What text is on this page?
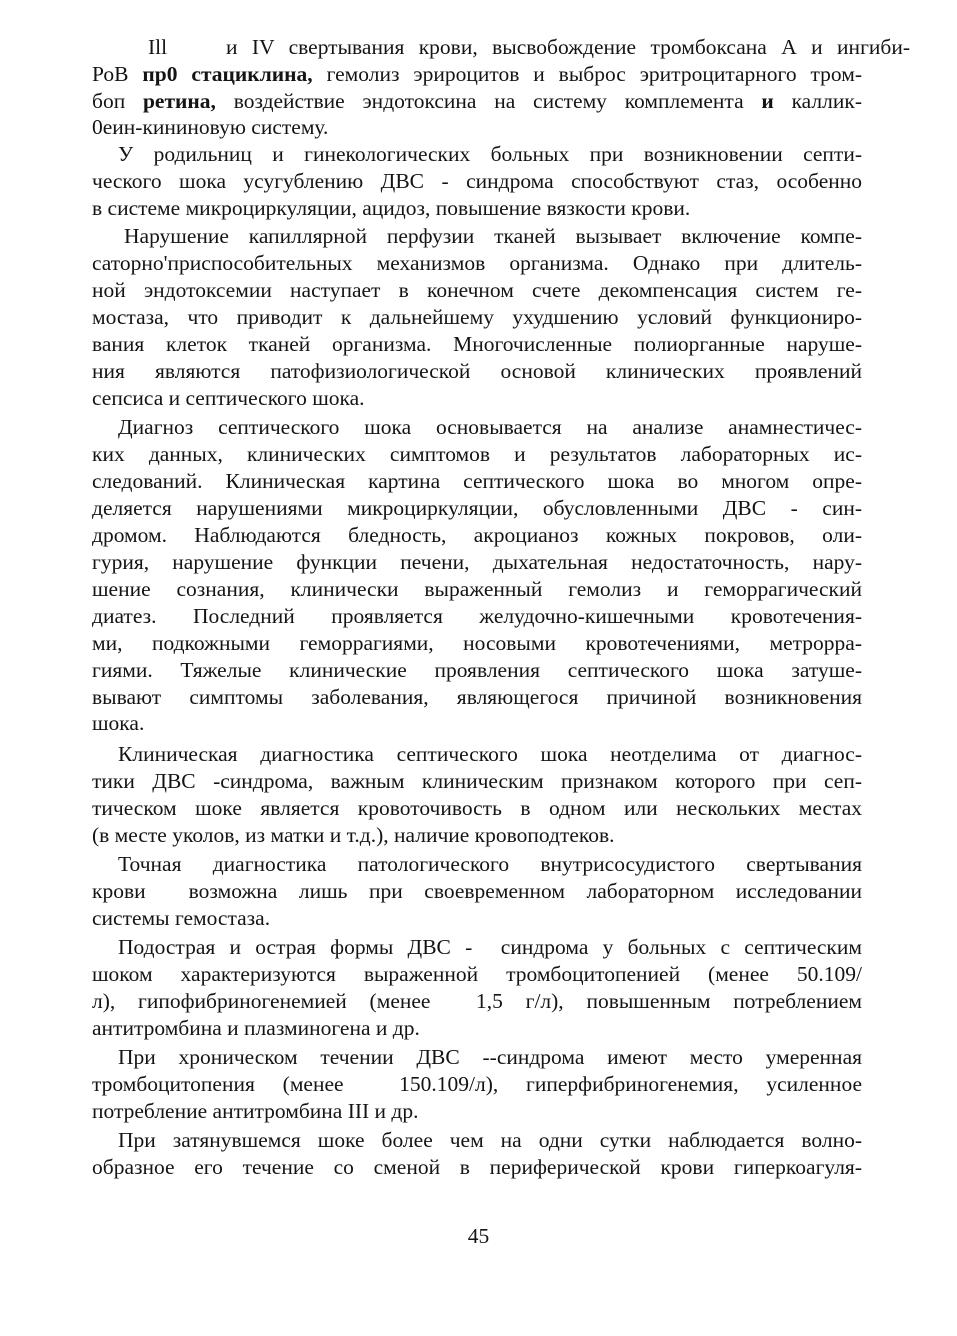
Ill	и IV свертывания крови, высвобождение тромбоксана А и ингиби-
РоВ пр0 стациклина, гемолиз эрироцитов и выброс эритроцитарного тром-
боп ретина, воздействие эндотоксина на систему комплемента и каллик-
0еин-кининовую систему.
У родильниц и гинекологических больных при возникновении септи-
ческого шока усугублению ДВС - синдрома способствуют стаз, особенно
в системе микроциркуляции, ацидоз, повышение вязкости крови.
Нарушение капиллярной перфузии тканей вызывает включение компе-
саторно'приспособительных механизмов организма. Однако при длитель-
ной эндотоксемии наступает в конечном счете декомпенсация систем ге-
мостаза, что приводит к дальнейшему ухудшению условий функциониро-
вания клеток тканей организма. Многочисленные полиорганные наруше-
ния являются патофизиологической основой клинических проявлений
сепсиса и септического шока.
Диагноз септического шока основывается на анализе анамнестичес-
ких данных, клинических симптомов и результатов лабораторных ис-
следований. Клиническая картина септического шока во многом опре-
деляется нарушениями микроциркуляции, обусловленными ДВС - син-
дромом. Наблюдаются бледность, акроцианоз кожных покровов, оли-
гурия, нарушение функции печени, дыхательная недостаточность, нару-
шение сознания, клинически выраженный гемолиз и геморрагический
диатез. Последний проявляется желудочно-кишечными кровотечения-
ми, подкожными геморрагиями, носовыми кровотечениями, метрорра-
гиями. Тяжелые клинические проявления септического шока затуше-
вывают симптомы заболевания, являющегося причиной возникновения
шока.
Клиническая диагностика септического шока неотделима от диагнос-
тики ДВС -синдрома, важным клиническим признаком которого при сеп-
тическом шоке является кровоточивость в одном или нескольких местах
(в месте уколов, из матки и т.д.), наличие кровоподтеков.
Точная диагностика патологического внутрисосудистого свертывания
крови  возможна лишь при своевременном лабораторном исследовании
системы гемостаза.
Подострая и острая формы ДВС -  синдрома у больных с септическим
шоком характеризуются выраженной тромбоцитопенией (менее 50.109/
л), гипофибриногенемией (менее  1,5 г/л), повышенным потреблением
антитромбина и плазминогена и др.
При хроническом течении ДВС --синдрома имеют место умеренная
тромбоцитопения (менее  150.109/л), гиперфибриногенемия, усиленное
потребление антитромбина III и др.
При затянувшемся шоке более чем на одни сутки наблюдается волно-
образное его течение со сменой в периферической крови гиперкоагуля-
45
